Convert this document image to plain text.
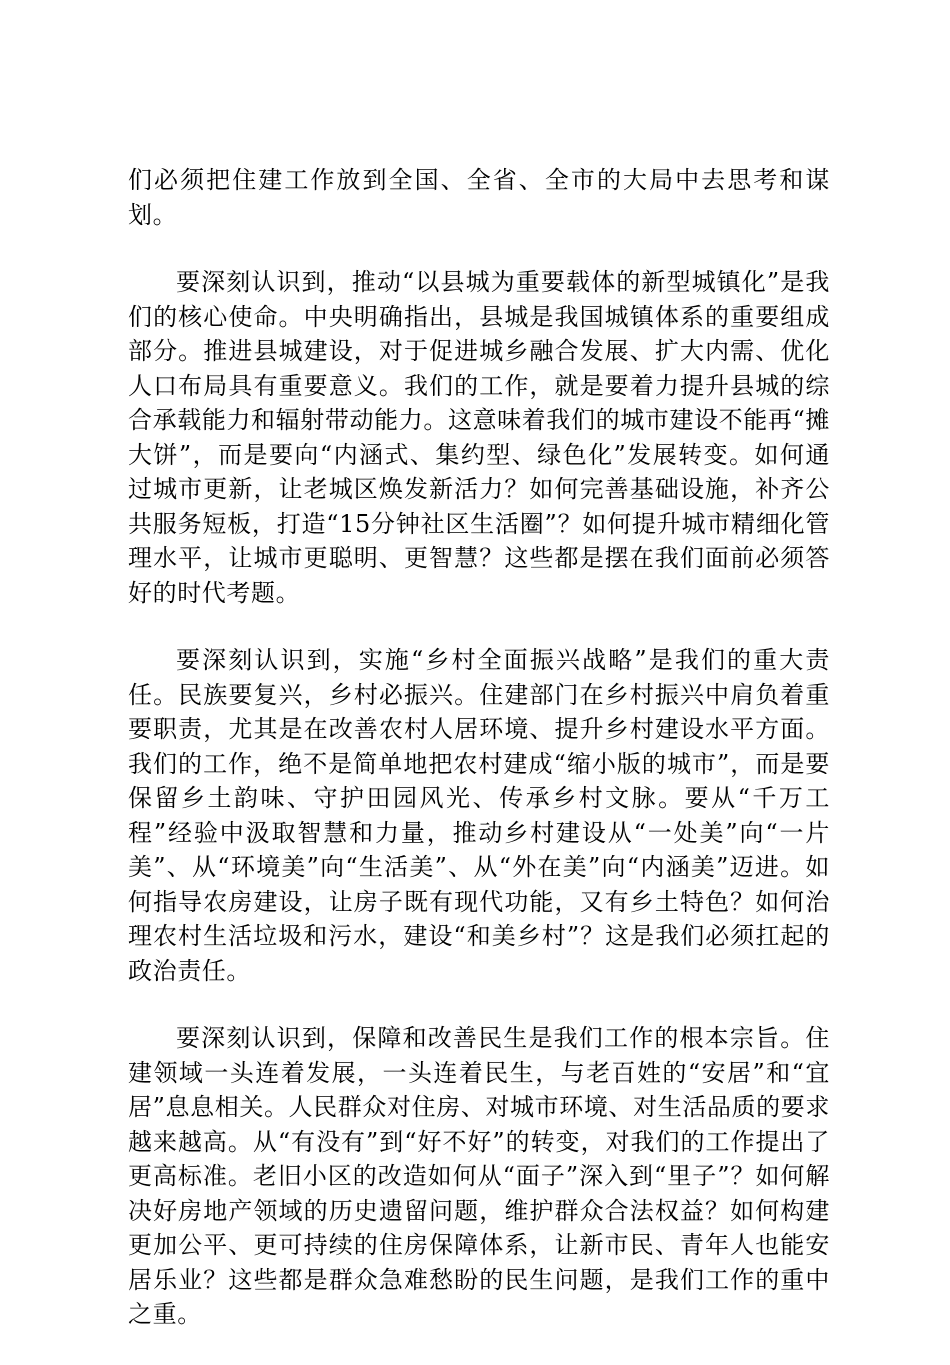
们必须把住建工作放到全国、全省、全市的大局中去思考和谋划。

要深刻认识到，推动“以县城为重要载体的新型城镇化”是我们的核心使命。中央明确指出，县城是我国城镇体系的重要组成部分。推进县城建设，对于促进城乡融合发展、扩大内需、优化人口布局具有重要意义。我们的工作，就是要着力提升县城的综合承载能力和辐射带动能力。这意味着我们的城市建设不能再“摊大饼”，而是要向“内涵式、集约型、绿色化”发展转变。如何通过城市更新，让老城区焕发新活力？如何完善基础设施，补齐公共服务短板，打造“15分钟社区生活圈”？如何提升城市精细化管理水平，让城市更聪明、更智慧？这些都是摆在我们面前必须答好的时代考题。

要深刻认识到，实施“乡村全面振兴战略”是我们的重大责任。民族要复兴，乡村必振兴。住建部门在乡村振兴中肩负着重要职责，尤其是在改善农村人居环境、提升乡村建设水平方面。我们的工作，绝不是简单地把农村建成“缩小版的城市”，而是要保留乡土韵味、守护田园风光、传承乡村文脉。要从“千万工程”经验中汲取智慧和力量，推动乡村建设从“一处美”向“一片美”、从“环境美”向“生活美”、从“外在美”向“内涵美”迈进。如何指导农房建设，让房子既有现代功能，又有乡土特色？如何治理农村生活垃圾和污水，建设“和美乡村”？这是我们必须扛起的政治责任。

要深刻认识到，保障和改善民生是我们工作的根本宗旨。住建领域一头连着发展，一头连着民生，与老百姓的“安居”和“宜居”息息相关。人民群众对住房、对城市环境、对生活品质的要求越来越高。从“有没有”到“好不好”的转变，对我们的工作提出了更高标准。老旧小区的改造如何从“面子”深入到“里子”？如何解决好房地产领域的历史遗留问题，维护群众合法权益？如何构建更加公平、更可持续的住房保障体系，让新市民、青年人也能安居乐业？这些都是群众急难愁盼的民生问题，是我们工作的重中之重。
